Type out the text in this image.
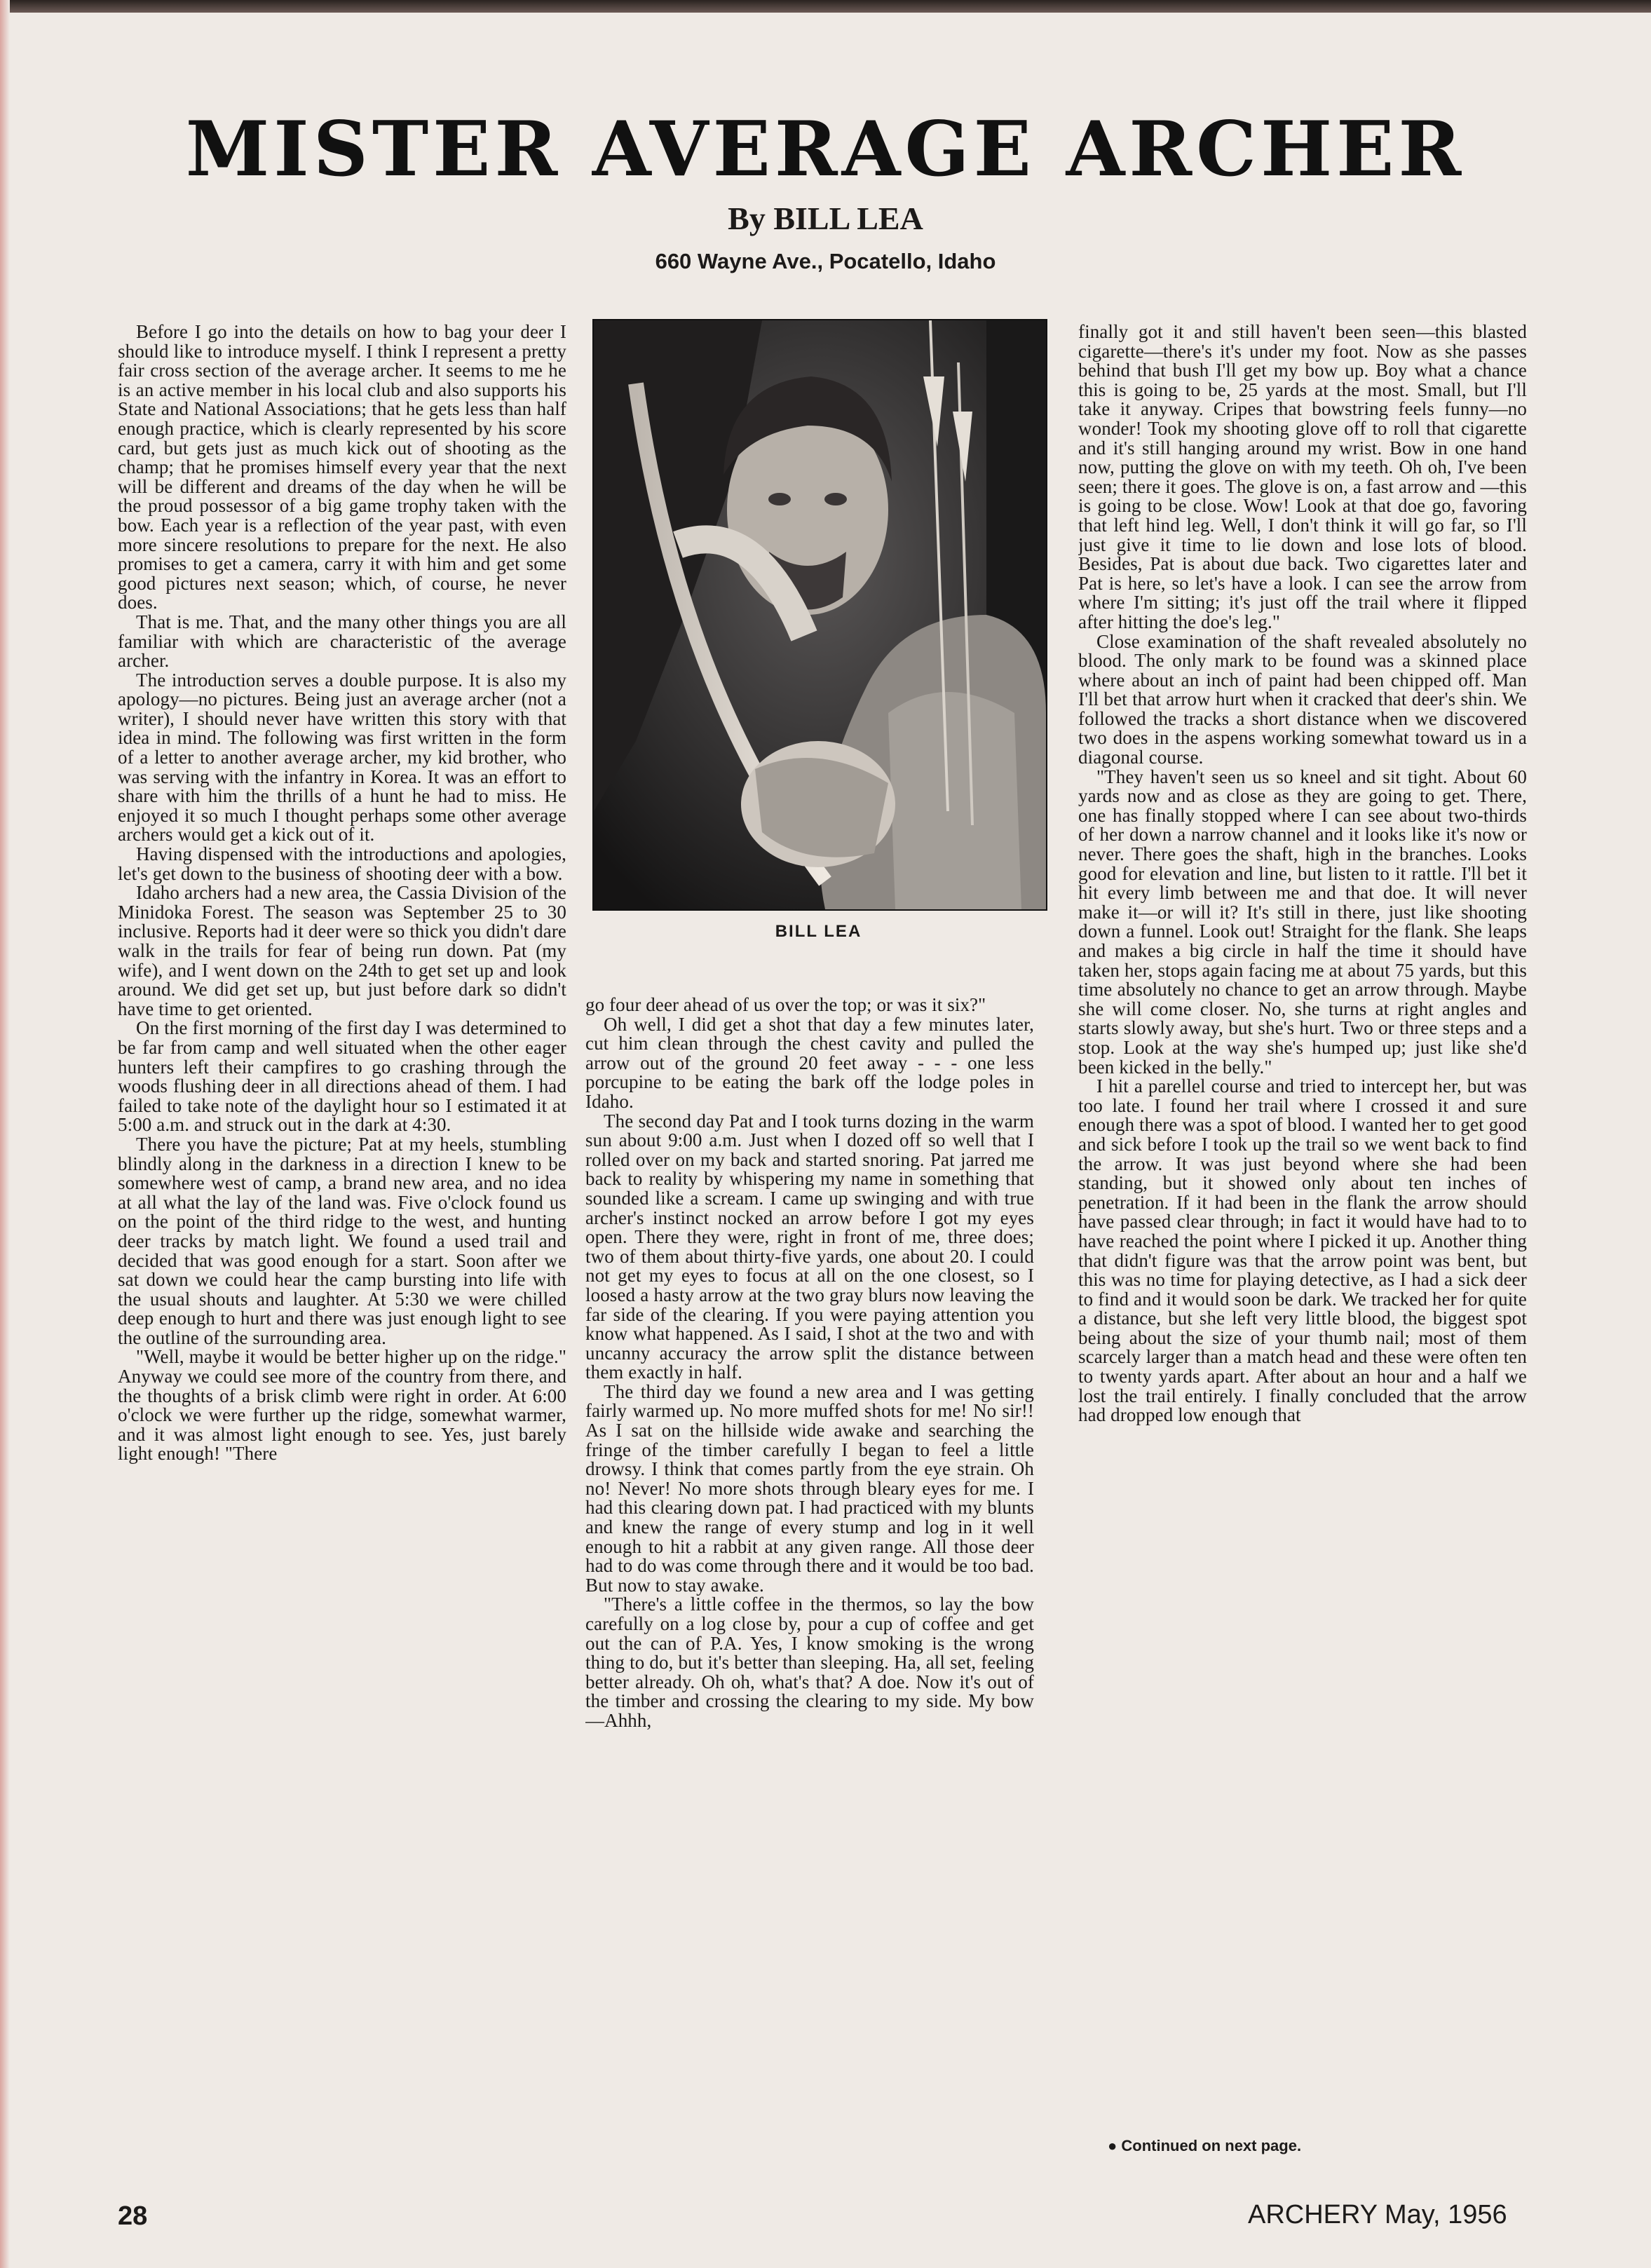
MISTER AVERAGE ARCHER
By BILL LEA
660 Wayne Ave., Pocatello, Idaho

Before I go into the details on how to bag your deer I should like to introduce myself. I think I represent a pretty fair cross section of the average archer. It seems to me he is an active member in his local club and also supports his State and National Associations; that he gets less than half enough practice, which is clearly represented by his score card, but gets just as much kick out of shooting as the champ; that he promises himself every year that the next will be different and dreams of the day when he will be the proud possessor of a big game trophy taken with the bow. Each year is a reflection of the year past, with even more sincere resolutions to prepare for the next. He also promises to get a camera, carry it with him and get some good pictures next season; which, of course, he never does.

That is me. That, and the many other things you are all familiar with which are characteristic of the average archer.

The introduction serves a double purpose. It is also my apology—no pictures. Being just an average archer (not a writer), I should never have written this story with that idea in mind. The following was first written in the form of a letter to another average archer, my kid brother, who was serving with the infantry in Korea. It was an effort to share with him the thrills of a hunt he had to miss. He enjoyed it so much I thought perhaps some other average archers would get a kick out of it.

Having dispensed with the introductions and apologies, let's get down to the business of shooting deer with a bow.

Idaho archers had a new area, the Cassia Division of the Minidoka Forest. The season was September 25 to 30 inclusive. Reports had it deer were so thick you didn't dare walk in the trails for fear of being run down. Pat (my wife), and I went down on the 24th to get set up and look around. We did get set up, but just before dark so didn't have time to get oriented.

On the first morning of the first day I was determined to be far from camp and well situated when the other eager hunters left their campfires to go crashing through the woods flushing deer in all directions ahead of them. I had failed to take note of the daylight hour so I estimated it at 5:00 a.m. and struck out in the dark at 4:30.

There you have the picture; Pat at my heels, stumbling blindly along in the darkness in a direction I knew to be somewhere west of camp, a brand new area, and no idea at all what the lay of the land was. Five o'clock found us on the point of the third ridge to the west, and hunting deer tracks by match light. We found a used trail and decided that was good enough for a start. Soon after we sat down we could hear the camp bursting into life with the usual shouts and laughter. At 5:30 we were chilled deep enough to hurt and there was just enough light to see the outline of the surrounding area.

"Well, maybe it would be better higher up on the ridge." Anyway we could see more of the country from there, and the thoughts of a brisk climb were right in order. At 6:00 o'clock we were further up the ridge, somewhat warmer, and it was almost light enough to see. Yes, just barely light enough! "There

BILL LEA

go four deer ahead of us over the top; or was it six?"

Oh well, I did get a shot that day a few minutes later, cut him clean through the chest cavity and pulled the arrow out of the ground 20 feet away - - - one less porcupine to be eating the bark off the lodge poles in Idaho.

The second day Pat and I took turns dozing in the warm sun about 9:00 a.m. Just when I dozed off so well that I rolled over on my back and started snoring. Pat jarred me back to reality by whispering my name in something that sounded like a scream. I came up swinging and with true archer's instinct nocked an arrow before I got my eyes open. There they were, right in front of me, three does; two of them about thirty-five yards, one about 20. I could not get my eyes to focus at all on the one closest, so I loosed a hasty arrow at the two gray blurs now leaving the far side of the clearing. If you were paying attention you know what happened. As I said, I shot at the two and with uncanny accuracy the arrow split the distance between them exactly in half.

The third day we found a new area and I was getting fairly warmed up. No more muffed shots for me! No sir!! As I sat on the hillside wide awake and searching the fringe of the timber carefully I began to feel a little drowsy. I think that comes partly from the eye strain. Oh no! Never! No more shots through bleary eyes for me. I had this clearing down pat. I had practiced with my blunts and knew the range of every stump and log in it well enough to hit a rabbit at any given range. All those deer had to do was come through there and it would be too bad. But now to stay awake.

"There's a little coffee in the thermos, so lay the bow carefully on a log close by, pour a cup of coffee and get out the can of P.A. Yes, I know smoking is the wrong thing to do, but it's better than sleeping. Ha, all set, feeling better already. Oh oh, what's that? A doe. Now it's out of the timber and crossing the clearing to my side. My bow—Ahhh,

finally got it and still haven't been seen—this blasted cigarette—there's it's under my foot. Now as she passes behind that bush I'll get my bow up. Boy what a chance this is going to be, 25 yards at the most. Small, but I'll take it anyway. Cripes that bowstring feels funny—no wonder! Took my shooting glove off to roll that cigarette and it's still hanging around my wrist. Bow in one hand now, putting the glove on with my teeth. Oh oh, I've been seen; there it goes. The glove is on, a fast arrow and —this is going to be close. Wow! Look at that doe go, favoring that left hind leg. Well, I don't think it will go far, so I'll just give it time to lie down and lose lots of blood. Besides, Pat is about due back. Two cigarettes later and Pat is here, so let's have a look. I can see the arrow from where I'm sitting; it's just off the trail where it flipped after hitting the doe's leg."

Close examination of the shaft revealed absolutely no blood. The only mark to be found was a skinned place where about an inch of paint had been chipped off. Man I'll bet that arrow hurt when it cracked that deer's shin. We followed the tracks a short distance when we discovered two does in the aspens working somewhat toward us in a diagonal course.

"They haven't seen us so kneel and sit tight. About 60 yards now and as close as they are going to get. There, one has finally stopped where I can see about two-thirds of her down a narrow channel and it looks like it's now or never. There goes the shaft, high in the branches. Looks good for elevation and line, but listen to it rattle. I'll bet it hit every limb between me and that doe. It will never make it—or will it? It's still in there, just like shooting down a funnel. Look out! Straight for the flank. She leaps and makes a big circle in half the time it should have taken her, stops again facing me at about 75 yards, but this time absolutely no chance to get an arrow through. Maybe she will come closer. No, she turns at right angles and starts slowly away, but she's hurt. Two or three steps and a stop. Look at the way she's humped up; just like she'd been kicked in the belly."

I hit a parellel course and tried to intercept her, but was too late. I found her trail where I crossed it and sure enough there was a spot of blood. I wanted her to get good and sick before I took up the trail so we went back to find the arrow. It was just beyond where she had been standing, but it showed only about ten inches of penetration. If it had been in the flank the arrow should have passed clear through; in fact it would have had to to have reached the point where I picked it up. Another thing that didn't figure was that the arrow point was bent, but this was no time for playing detective, as I had a sick deer to find and it would soon be dark. We tracked her for quite a distance, but she left very little blood, the biggest spot being about the size of your thumb nail; most of them scarcely larger than a match head and these were often ten to twenty yards apart. After about an hour and a half we lost the trail entirely. I finally concluded that the arrow had dropped low enough that

● Continued on next page.
28	ARCHERY May, 1956
